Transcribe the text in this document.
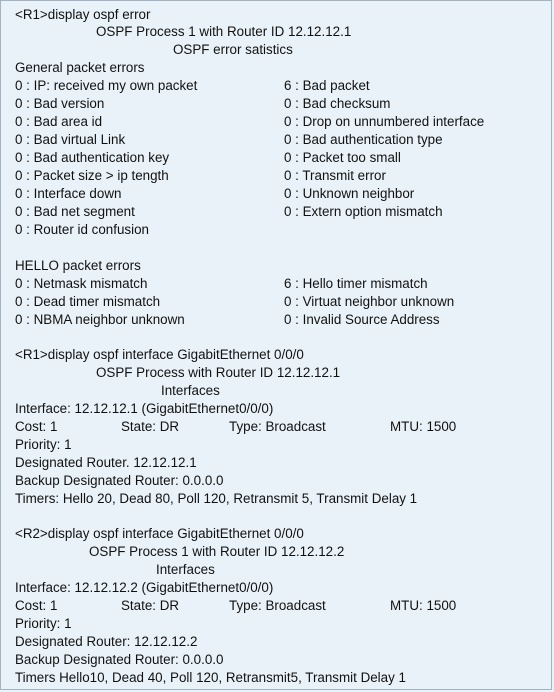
<R1>display ospf error
OSPF Process 1 with Router ID 12.12.12.1
OSPF error satistics
General packet errors
0 : IP: received my own packet	6 : Bad packet
0 : Bad version	0 : Bad checksum
0 : Bad area id	0 : Drop on unnumbered interface
0 : Bad virtual Link	0 : Bad authentication type
0 : Bad authentication key	0 : Packet too small
0 : Packet size > ip tength	0 : Transmit error
0 : Interface down	0 : Unknown neighbor
0 : Bad net segment	0 : Extern option mismatch
0 : Router id confusion
HELLO packet errors
0 : Netmask mismatch	6 : Hello timer mismatch
0 : Dead timer mismatch	0 : Virtuat neighbor unknown
0 : NBMA neighbor unknown	0 : Invalid Source Address
<R1>display ospf interface GigabitEthernet 0/0/0
OSPF Process with Router ID 12.12.12.1
Interfaces
Interface: 12.12.12.1 (GigabitEthernet0/0/0)
Cost: 1	State: DR	Type: Broadcast	MTU: 1500
Priority: 1
Designated Router. 12.12.12.1
Backup Designated Router: 0.0.0.0
Timers: Hello 20, Dead 80, Poll 120, Retransmit 5, Transmit Delay 1
<R2>display ospf interface GigabitEthernet 0/0/0
OSPF Process 1 with Router ID 12.12.12.2
Interfaces
Interface: 12.12.12.2 (GigabitEthernet0/0/0)
Cost: 1	State: DR	Type: Broadcast	MTU: 1500
Priority: 1
Designated Router: 12.12.12.2
Backup Designated Router: 0.0.0.0
Timers Hello10, Dead 40, Poll 120, Retransmit5, Transmit Delay 1
